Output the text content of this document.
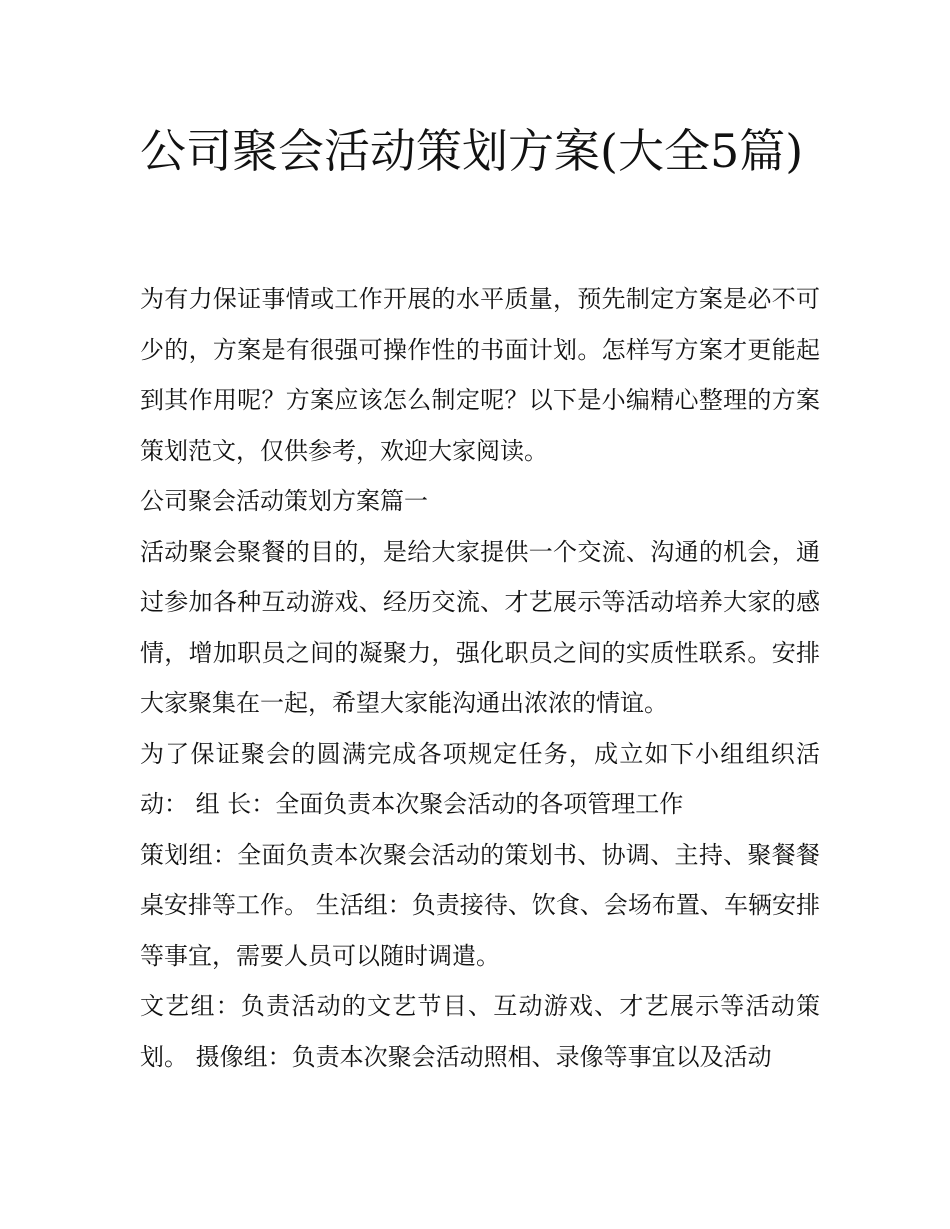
公司聚会活动策划方案(大全5篇)

为有力保证事情或工作开展的水平质量，预先制定方案是必不可少的，方案是有很强可操作性的书面计划。怎样写方案才更能起到其作用呢？方案应该怎么制定呢？以下是小编精心整理的方案策划范文，仅供参考，欢迎大家阅读。

公司聚会活动策划方案篇一

活动聚会聚餐的目的，是给大家提供一个交流、沟通的机会，通过参加各种互动游戏、经历交流、才艺展示等活动培养大家的感情，增加职员之间的凝聚力，强化职员之间的实质性联系。安排大家聚集在一起，希望大家能沟通出浓浓的情谊。

为了保证聚会的圆满完成各项规定任务，成立如下小组组织活动： 组 长：全面负责本次聚会活动的各项管理工作

策划组：全面负责本次聚会活动的策划书、协调、主持、聚餐餐桌安排等工作。 生活组：负责接待、饮食、会场布置、车辆安排等事宜，需要人员可以随时调遣。

文艺组：负责活动的文艺节目、互动游戏、才艺展示等活动策划。 摄像组：负责本次聚会活动照相、录像等事宜以及活动
